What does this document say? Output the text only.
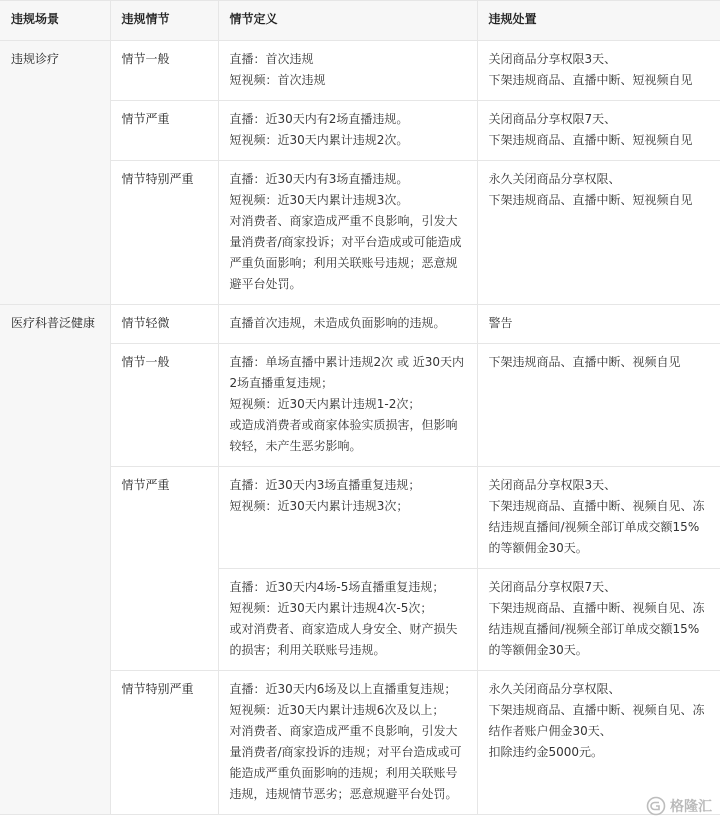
违规场景	违规情节	情节定义	违规处置
违规诊疗	情节一般	直播：首次违规
短视频：首次违规	关闭商品分享权限3天、
下架违规商品、直播中断、短视频自见
	情节严重	直播：近30天内有2场直播违规。
短视频：近30天内累计违规2次。	关闭商品分享权限7天、
下架违规商品、直播中断、短视频自见
	情节特别严重	直播：近30天内有3场直播违规。
短视频：近30天内累计违规3次。
对消费者、商家造成严重不良影响，引发大量消费者/商家投诉；对平台造成或可能造成严重负面影响；利用关联账号违规；恶意规避平台处罚。	永久关闭商品分享权限、
下架违规商品、直播中断、短视频自见
医疗科普泛健康	情节轻微	直播首次违规，未造成负面影响的违规。	警告
	情节一般	直播：单场直播中累计违规2次 或 近30天内2场直播重复违规；
短视频：近30天内累计违规1-2次；
或造成消费者或商家体验实质损害，但影响较轻，未产生恶劣影响。	下架违规商品、直播中断、视频自见
	情节严重	直播：近30天内3场直播重复违规；
短视频：近30天内累计违规3次；	关闭商品分享权限3天、
下架违规商品、直播中断、视频自见、冻结违规直播间/视频全部订单成交额15%的等额佣金30天。
		直播：近30天内4场-5场直播重复违规；
短视频：近30天内累计违规4次-5次；
或对消费者、商家造成人身安全、财产损失的损害；利用关联账号违规。	关闭商品分享权限7天、
下架违规商品、直播中断、视频自见、冻结违规直播间/视频全部订单成交额15%的等额佣金30天。
	情节特别严重	直播：近30天内6场及以上直播重复违规；
短视频：近30天内累计违规6次及以上；
对消费者、商家造成严重不良影响，引发大量消费者/商家投诉的违规；对平台造成或可能造成严重负面影响的违规；利用关联账号违规，违规情节恶劣；恶意规避平台处罚。	永久关闭商品分享权限、
下架违规商品、直播中断、视频自见、冻结作者账户佣金30天、
扣除违约金5000元。
格隆汇
